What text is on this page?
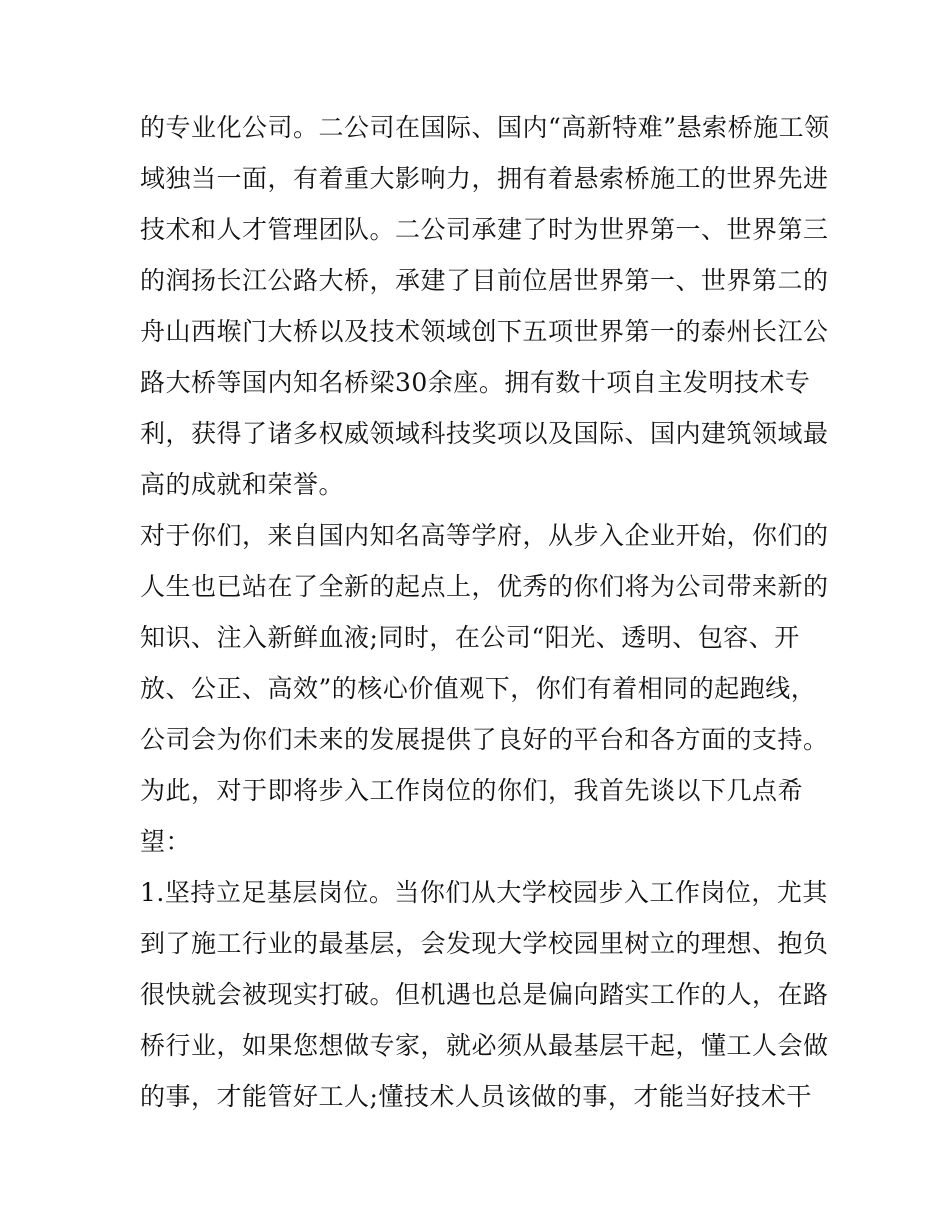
的专业化公司。二公司在国际、国内“高新特难”悬索桥施工领
域独当一面，有着重大影响力，拥有着悬索桥施工的世界先进
技术和人才管理团队。二公司承建了时为世界第一、世界第三
的润扬长江公路大桥，承建了目前位居世界第一、世界第二的
舟山西堠门大桥以及技术领域创下五项世界第一的泰州长江公
路大桥等国内知名桥梁30余座。拥有数十项自主发明技术专
利，获得了诸多权威领域科技奖项以及国际、国内建筑领域最
高的成就和荣誉。
对于你们，来自国内知名高等学府，从步入企业开始，你们的
人生也已站在了全新的起点上，优秀的你们将为公司带来新的
知识、注入新鲜血液;同时，在公司“阳光、透明、包容、开
放、公正、高效”的核心价值观下，你们有着相同的起跑线，
公司会为你们未来的发展提供了良好的平台和各方面的支持。
为此，对于即将步入工作岗位的你们，我首先谈以下几点希
望：
1.坚持立足基层岗位。当你们从大学校园步入工作岗位，尤其
到了施工行业的最基层，会发现大学校园里树立的理想、抱负
很快就会被现实打破。但机遇也总是偏向踏实工作的人，在路
桥行业，如果您想做专家，就必须从最基层干起，懂工人会做
的事，才能管好工人;懂技术人员该做的事，才能当好技术干
